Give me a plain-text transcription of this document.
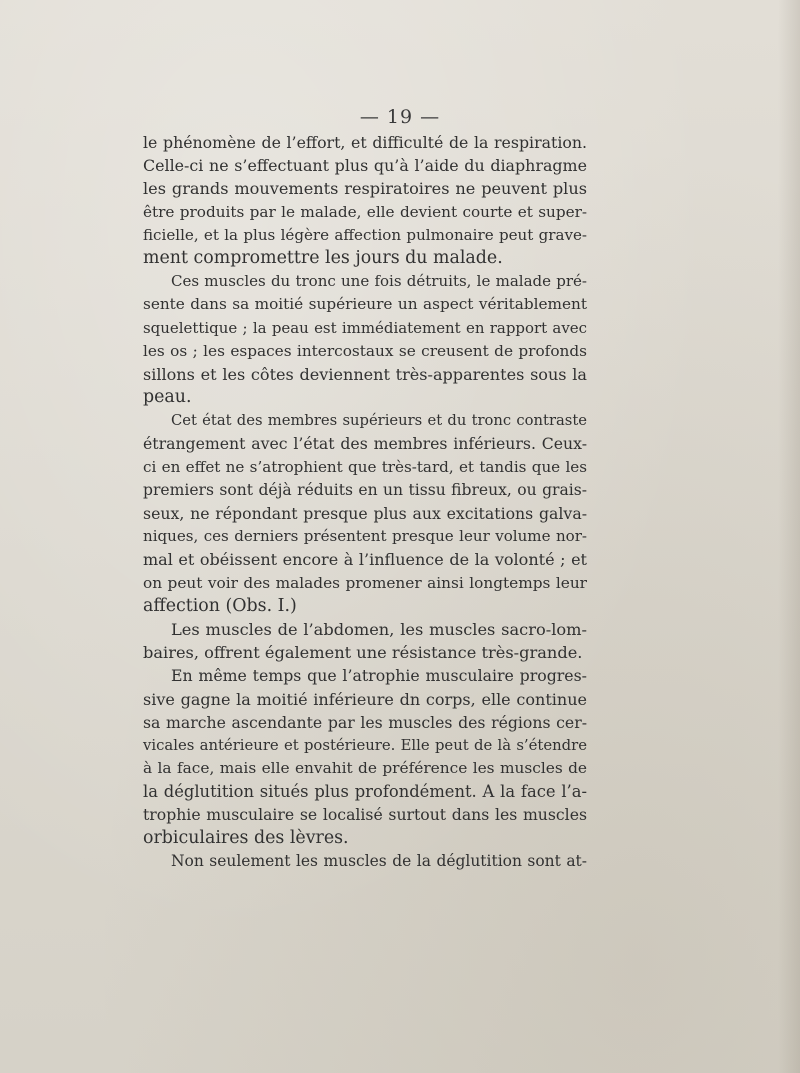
— 19 —
le phénomène de l’effort, et difficulté de la respiration.
Celle-ci ne s’effectuant plus qu’à l’aide du diaphragme
les grands mouvements respiratoires ne peuvent plus
être produits par le malade, elle devient courte et super-
ficielle, et la plus légère affection pulmonaire peut grave-
ment compromettre les jours du malade.
Ces muscles du tronc une fois détruits, le malade pré-
sente dans sa moitié supérieure un aspect véritablement
squelettique ; la peau est immédiatement en rapport avec
les os ; les espaces intercostaux se creusent de profonds
sillons et les côtes deviennent très-apparentes sous la
peau.
Cet état des membres supérieurs et du tronc contraste
étrangement avec l’état des membres inférieurs. Ceux-
ci en effet ne s’atrophient que très-tard, et tandis que les
premiers sont déjà réduits en un tissu fibreux, ou grais-
seux, ne répondant presque plus aux excitations galva-
niques, ces derniers présentent presque leur volume nor-
mal et obéissent encore à l’influence de la volonté ; et
on peut voir des malades promener ainsi longtemps leur
affection (Obs. I.)
Les muscles de l’abdomen, les muscles sacro-lom-
baires, offrent également une résistance très-grande.
En même temps que l’atrophie musculaire progres-
sive gagne la moitié inférieure dn corps, elle continue
sa marche ascendante par les muscles des régions cer-
vicales antérieure et postérieure. Elle peut de là s’étendre
à la face, mais elle envahit de préférence les muscles de
la déglutition situés plus profondément. A la face l’a-
trophie musculaire se localisé surtout dans les muscles
orbiculaires des lèvres.
Non seulement les muscles de la déglutition sont at-
